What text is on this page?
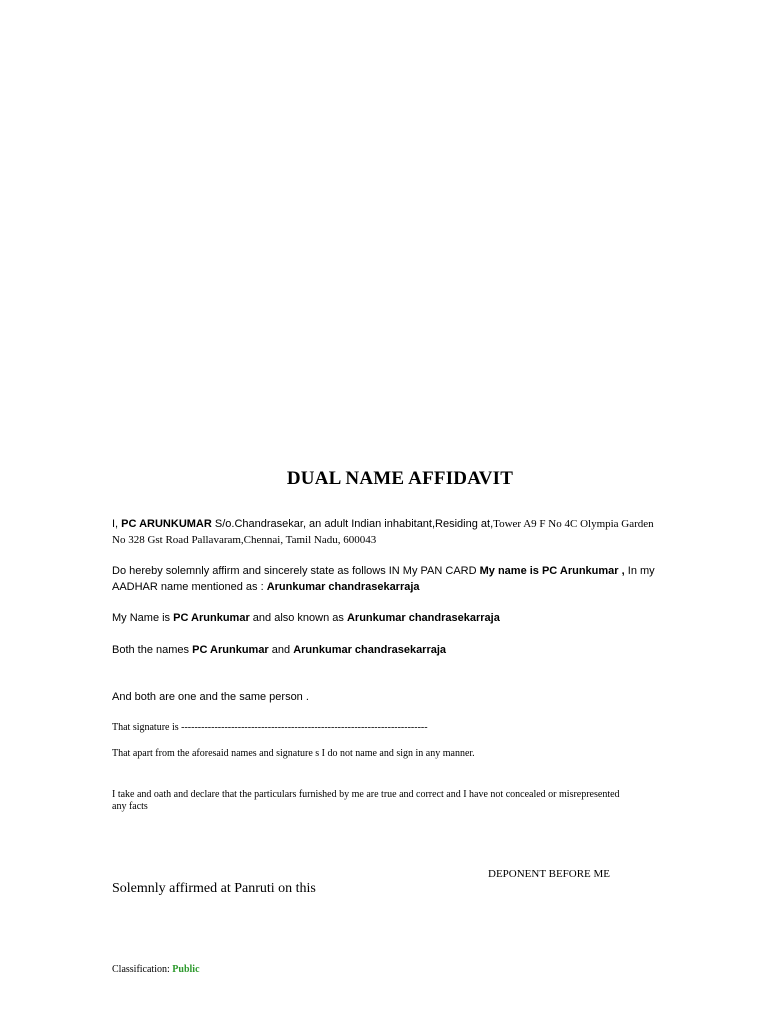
DUAL NAME AFFIDAVIT
I, PC ARUNKUMAR S/o.Chandrasekar, an adult Indian inhabitant,Residing at,Tower A9 F No 4C Olympia Garden
No 328 Gst Road Pallavaram,Chennai, Tamil Nadu, 600043
Do hereby solemnly affirm and sincerely state as follows IN My PAN CARD My name is PC Arunkumar , In my
AADHAR name mentioned as : Arunkumar chandrasekarraja
My Name is PC Arunkumar and also known as Arunkumar chandrasekarraja
Both the names PC Arunkumar and Arunkumar chandrasekarraja
And both are one and the same person .
That signature is --------------------------------------------------------------------------
That apart from the aforesaid names and signature s I do not name and sign in any manner.
I take and oath and declare that the particulars furnished by me are true and correct and I have not concealed or misrepresented
any facts
DEPONENT BEFORE ME
Solemnly affirmed at Panruti on this
Classification: Public
